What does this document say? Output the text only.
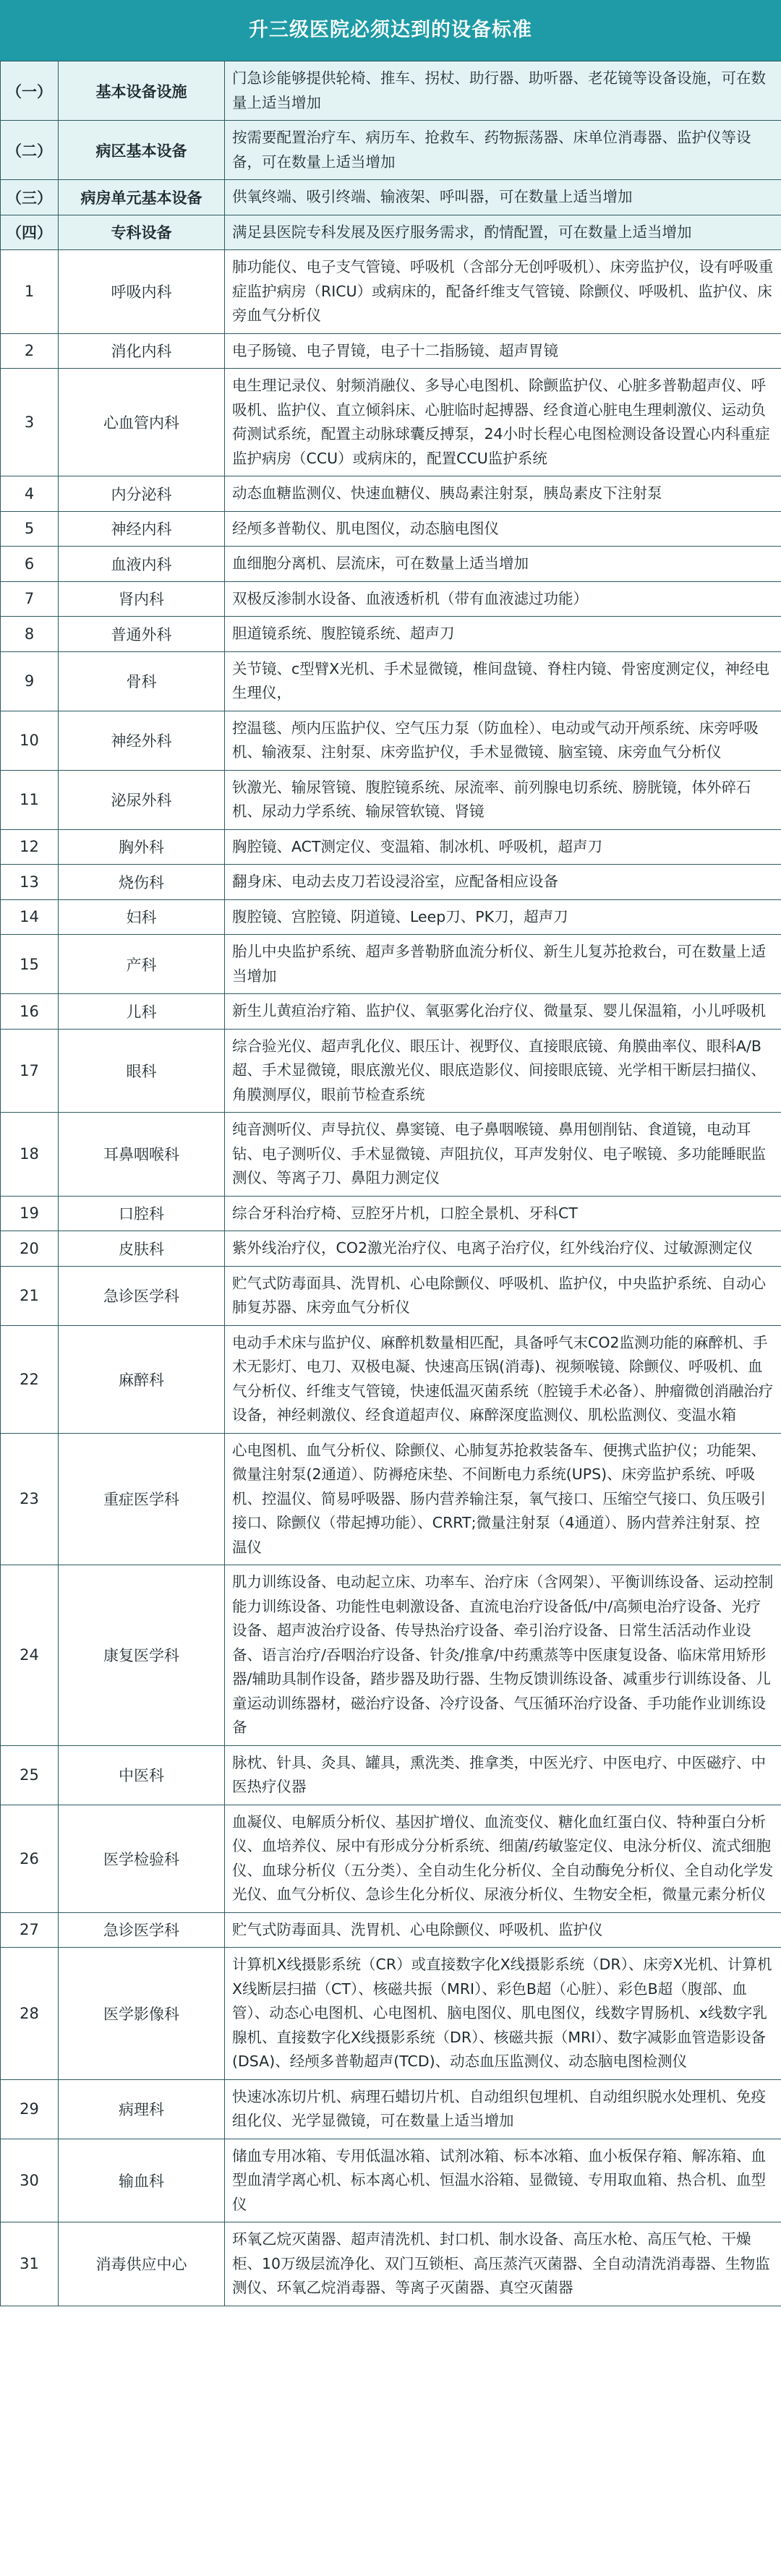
升三级医院必须达到的设备标准
（一）	基本设备设施	门急诊能够提供轮椅、推车、拐杖、助行器、助听器、老花镜等设备设施，可在数量上适当增加
（二）	病区基本设备	按需要配置治疗车、病历车、抢救车、药物振荡器、床单位消毒器、监护仪等设备，可在数量上适当增加
（三）	病房单元基本设备	供氧终端、吸引终端、输液架、呼叫器，可在数量上适当增加
（四）	专科设备	满足县医院专科发展及医疗服务需求，酌情配置，可在数量上适当增加
1	呼吸内科	肺功能仪、电子支气管镜、呼吸机（含部分无创呼吸机）、床旁监护仪，设有呼吸重症监护病房（RICU）或病床的，配备纤维支气管镜、除颤仪、呼吸机、监护仪、床旁血气分析仪
2	消化内科	电子肠镜、电子胃镜，电子十二指肠镜、超声胃镜
3	心血管内科	电生理记录仪、射频消融仪、多导心电图机、除颤监护仪、心脏多普勒超声仪、呼吸机、监护仪、直立倾斜床、心脏临时起搏器、经食道心脏电生理刺激仪、运动负荷测试系统，配置主动脉球囊反搏泵，24小时长程心电图检测设备设置心内科重症监护病房（CCU）或病床的，配置CCU监护系统
4	内分泌科	动态血糖监测仪、快速血糖仪、胰岛素注射泵，胰岛素皮下注射泵
5	神经内科	经颅多普勒仪、肌电图仪，动态脑电图仪
6	血液内科	血细胞分离机、层流床，可在数量上适当增加
7	肾内科	双极反渗制水设备、血液透析机（带有血液滤过功能）
8	普通外科	胆道镜系统、腹腔镜系统、超声刀
9	骨科	关节镜、c型臂X光机、手术显微镜，椎间盘镜、脊柱内镜、骨密度测定仪，神经电生理仪，
10	神经外科	控温毯、颅内压监护仪、空气压力泵（防血栓）、电动或气动开颅系统、床旁呼吸机、输液泵、注射泵、床旁监护仪，手术显微镜、脑室镜、床旁血气分析仪
11	泌尿外科	钬激光、输尿管镜、腹腔镜系统、尿流率、前列腺电切系统、膀胱镜，体外碎石机、尿动力学系统、输尿管软镜、肾镜
12	胸外科	胸腔镜、ACT测定仪、变温箱、制冰机、呼吸机，超声刀
13	烧伤科	翻身床、电动去皮刀若设浸浴室，应配备相应设备
14	妇科	腹腔镜、宫腔镜、阴道镜、Leep刀、PK刀，超声刀
15	产科	胎儿中央监护系统、超声多普勒脐血流分析仪、新生儿复苏抢救台，可在数量上适当增加
16	儿科	新生儿黄疸治疗箱、监护仪、氧驱雾化治疗仪、微量泵、婴儿保温箱，小儿呼吸机
17	眼科	综合验光仪、超声乳化仪、眼压计、视野仪、直接眼底镜、角膜曲率仪、眼科A/B超、手术显微镜，眼底激光仪、眼底造影仪、间接眼底镜、光学相干断层扫描仪、角膜测厚仪，眼前节检查系统
18	耳鼻咽喉科	纯音测听仪、声导抗仪、鼻窦镜、电子鼻咽喉镜、鼻用刨削钻、食道镜，电动耳钻、电子测听仪、手术显微镜、声阻抗仪，耳声发射仪、电子喉镜、多功能睡眠监测仪、等离子刀、鼻阻力测定仪
19	口腔科	综合牙科治疗椅、豆腔牙片机，口腔全景机、牙科CT
20	皮肤科	紫外线治疗仪，CO2激光治疗仪、电离子治疗仪，红外线治疗仪、过敏源测定仪
21	急诊医学科	贮气式防毒面具、洗胃机、心电除颤仪、呼吸机、监护仪，中央监护系统、自动心肺复苏器、床旁血气分析仪
22	麻醉科	电动手术床与监护仪、麻醉机数量相匹配，具备呼气末CO2监测功能的麻醉机、手术无影灯、电刀、双极电凝、快速高压锅(消毒)、视频喉镜、除颤仪、呼吸机、血气分析仪、纤维支气管镜，快速低温灭菌系统（腔镜手术必备）、肿瘤微创消融治疗设备，神经刺激仪、经食道超声仪、麻醉深度监测仪、肌松监测仪、变温水箱
23	重症医学科	心电图机、血气分析仪、除颤仪、心肺复苏抢救装备车、便携式监护仪；功能架、微量注射泵(2通道）、防褥疮床垫、不间断电力系统(UPS)、床旁监护系统、呼吸机、控温仪、简易呼吸器、肠内营养输注泵，氧气接口、压缩空气接口、负压吸引接口、除颤仪（带起搏功能）、CRRT;微量注射泵（4通道）、肠内营养注射泵、控温仪
24	康复医学科	肌力训练设备、电动起立床、功率车、治疗床（含网架）、平衡训练设备、运动控制能力训练设备、功能性电刺激设备、直流电治疗设备低/中/高频电治疗设备、光疗设备、超声波治疗设备、传导热治疗设备、牵引治疗设备、日常生活活动作业设备、语言治疗/吞咽治疗设备、针灸/推拿/中药熏蒸等中医康复设备、临床常用矫形器/辅助具制作设备，踏步器及助行器、生物反馈训练设备、减重步行训练设备、儿童运动训练器材，磁治疗设备、冷疗设备、气压循环治疗设备、手功能作业训练设备
25	中医科	脉枕、针具、灸具、罐具，熏洗类、推拿类，中医光疗、中医电疗、中医磁疗、中医热疗仪器
26	医学检验科	血凝仪、电解质分析仪、基因扩增仪、血流变仪、糖化血红蛋白仪、特种蛋白分析仪、血培养仪、尿中有形成分分析系统、细菌/药敏鉴定仪、电泳分析仪、流式细胞仪、血球分析仪（五分类）、全自动生化分析仪、全自动酶免分析仪、全自动化学发光仪、血气分析仪、急诊生化分析仪、尿液分析仪、生物安全柜，微量元素分析仪
27	急诊医学科	贮气式防毒面具、洗胃机、心电除颤仪、呼吸机、监护仪
28	医学影像科	计算机X线摄影系统（CR）或直接数字化X线摄影系统（DR）、床旁X光机、计算机X线断层扫描（CT）、核磁共振（MRI）、彩色B超（心脏）、彩色B超（腹部、血管）、动态心电图机、心电图机、脑电图仪、肌电图仪，线数字胃肠机、x线数字乳腺机、直接数字化X线摄影系统（DR）、核磁共振（MRI）、数字减影血管造影设备(DSA)、经颅多普勒超声(TCD)、动态血压监测仪、动态脑电图检测仪
29	病理科	快速冰冻切片机、病理石蜡切片机、自动组织包埋机、自动组织脱水处理机、免疫组化仪、光学显微镜，可在数量上适当增加
30	输血科	储血专用冰箱、专用低温冰箱、试剂冰箱、标本冰箱、血小板保存箱、解冻箱、血型血清学离心机、标本离心机、恒温水浴箱、显微镜、专用取血箱、热合机、血型仪
31	消毒供应中心	环氧乙烷灭菌器、超声清洗机、封口机、制水设备、高压水枪、高压气枪、干燥柜、10万级层流净化、双门互锁柜、高压蒸汽灭菌器、全自动清洗消毒器、生物监测仪、环氧乙烷消毒器、等离子灭菌器、真空灭菌器
